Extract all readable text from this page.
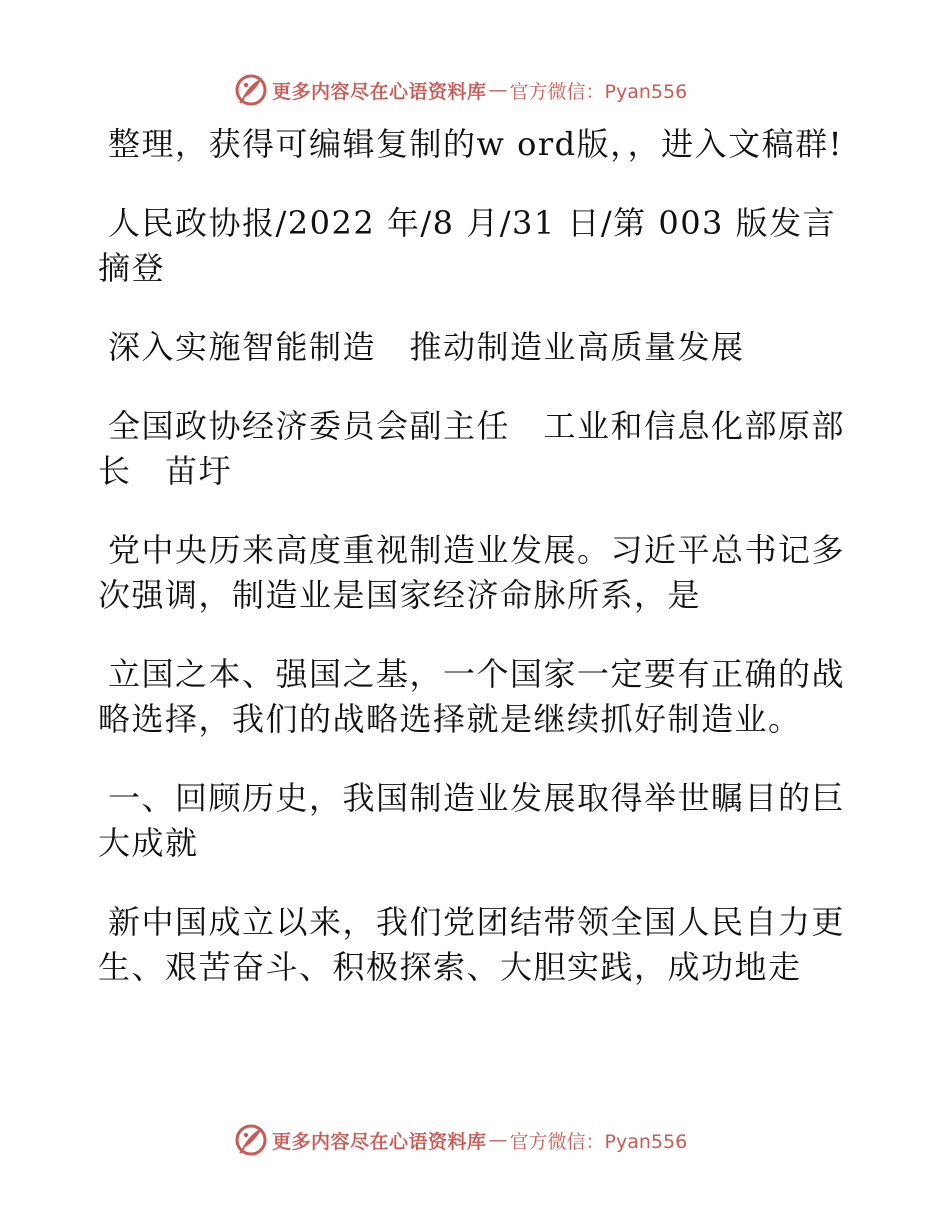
更多内容尽在心语资料库 — 官方微信：Pyan556

整理，获得可编辑复制的w ord版，，进入文稿群!

人民政协报/2022 年/8 月/31 日/第 003 版发言摘登

深入实施智能制造　推动制造业高质量发展

全国政协经济委员会副主任　工业和信息化部原部长　苗圩

党中央历来高度重视制造业发展。习近平总书记多次强调，制造业是国家经济命脉所系，是

立国之本、强国之基，一个国家一定要有正确的战略选择，我们的战略选择就是继续抓好制造业。

一、回顾历史，我国制造业发展取得举世瞩目的巨大成就

新中国成立以来，我们党团结带领全国人民自力更生、艰苦奋斗、积极探索、大胆实践，成功地走

更多内容尽在心语资料库 — 官方微信：Pyan556
